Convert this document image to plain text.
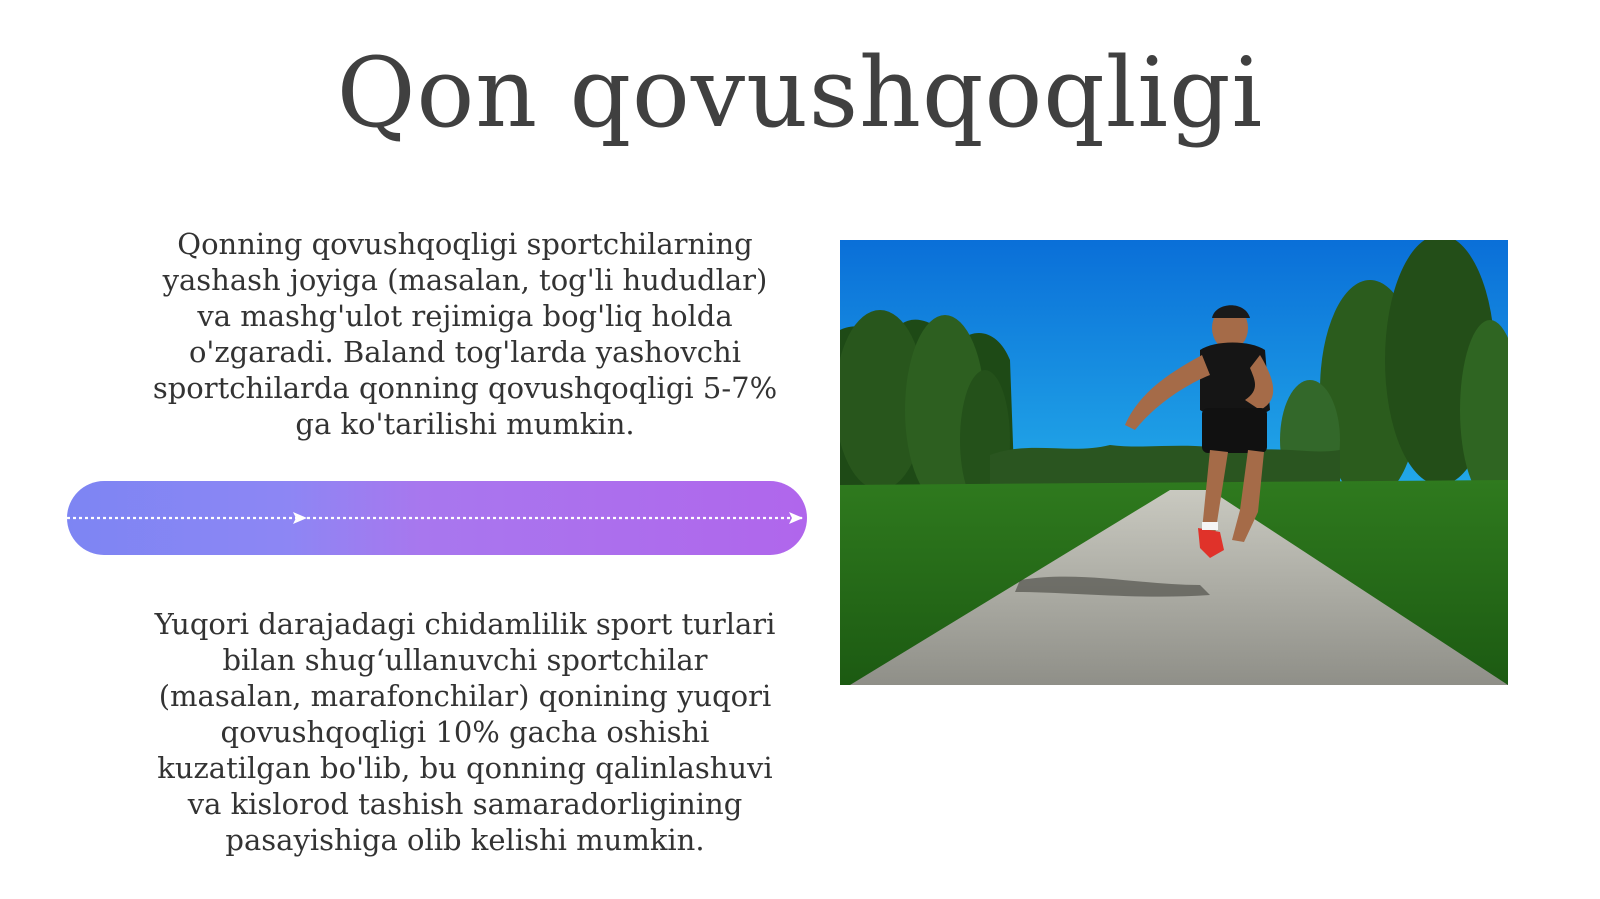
Qon qovushqoqligi

Qonning qovushqoqligi sportchilarning
yashash joyiga (masalan, tog'li hududlar)
va mashg'ulot rejimiga bog'liq holda
o'zgaradi. Baland tog'larda yashovchi
sportchilarda qonning qovushqoqligi 5-7%
ga ko'tarilishi mumkin.

Yuqori darajadagi chidamlilik sport turlari
bilan shug‘ullanuvchi sportchilar
(masalan, marafonchilar) qonining yuqori
qovushqoqligi 10% gacha oshishi
kuzatilgan bo'lib, bu qonning qalinlashuvi
va kislorod tashish samaradorligining
pasayishiga olib kelishi mumkin.
